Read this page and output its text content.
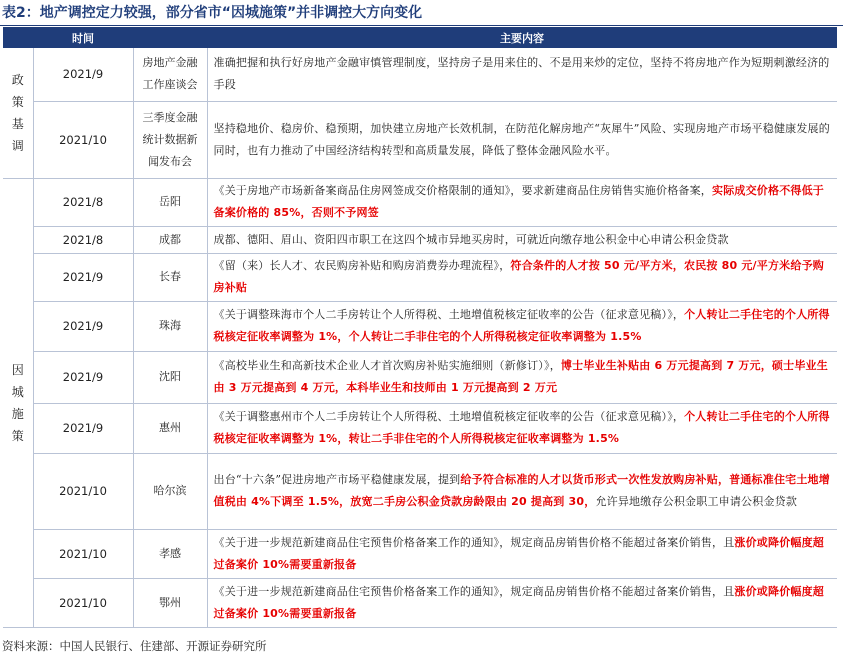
表2：地产调控定力较强，部分省市“因城施策”并非调控大方向变化
	时间		主要内容
政策基调	2021/9	房地产金融工作座谈会	准确把握和执行好房地产金融审慎管理制度，坚持房子是用来住的、不是用来炒的定位，坚持不将房地产作为短期刺激经济的手段
	2021/10	三季度金融统计数据新闻发布会	坚持稳地价、稳房价、稳预期，加快建立房地产长效机制，在防范化解房地产“灰犀牛”风险、实现房地产市场平稳健康发展的同时，也有力推动了中国经济结构转型和高质量发展，降低了整体金融风险水平。
因城施策	2021/8	岳阳	《关于房地产市场新备案商品住房网签成交价格限制的通知》，要求新建商品住房销售实施价格备案，实际成交价格不得低于备案价格的 85%，否则不予网签
	2021/8	成都	成都、德阳、眉山、资阳四市职工在这四个城市异地买房时，可就近向缴存地公积金中心申请公积金贷款
	2021/9	长春	《留（来）长人才、农民购房补贴和购房消费券办理流程》，符合条件的人才按 50 元/平方米，农民按 80 元/平方米给予购房补贴
	2021/9	珠海	《关于调整珠海市个人二手房转让个人所得税、土地增值税核定征收率的公告（征求意见稿）》，个人转让二手住宅的个人所得税核定征收率调整为 1%，个人转让二手非住宅的个人所得税核定征收率调整为 1.5%
	2021/9	沈阳	《高校毕业生和高新技术企业人才首次购房补贴实施细则（新修订）》，博士毕业生补贴由 6 万元提高到 7 万元，硕士毕业生由 3 万元提高到 4 万元，本科毕业生和技师由 1 万元提高到 2 万元
	2021/9	惠州	《关于调整惠州市个人二手房转让个人所得税、土地增值税核定征收率的公告（征求意见稿）》，个人转让二手住宅的个人所得税核定征收率调整为 1%，转让二手非住宅的个人所得税核定征收率调整为 1.5%
	2021/10	哈尔滨	出台“十六条”促进房地产市场平稳健康发展，提到给予符合标准的人才以货币形式一次性发放购房补贴，普通标准住宅土地增值税由 4%下调至 1.5%，放宽二手房公积金贷款房龄限由 20 提高到 30，允许异地缴存公积金职工申请公积金贷款
	2021/10	孝感	《关于进一步规范新建商品住宅预售价格备案工作的通知》，规定商品房销售价格不能超过备案价销售，且涨价或降价幅度超过备案价 10%需要重新报备
	2021/10	鄂州	《关于进一步规范新建商品住宅预售价格备案工作的通知》，规定商品房销售价格不能超过备案价销售，且涨价或降价幅度超过备案价 10%需要重新报备
资料来源：中国人民银行、住建部、开源证券研究所
